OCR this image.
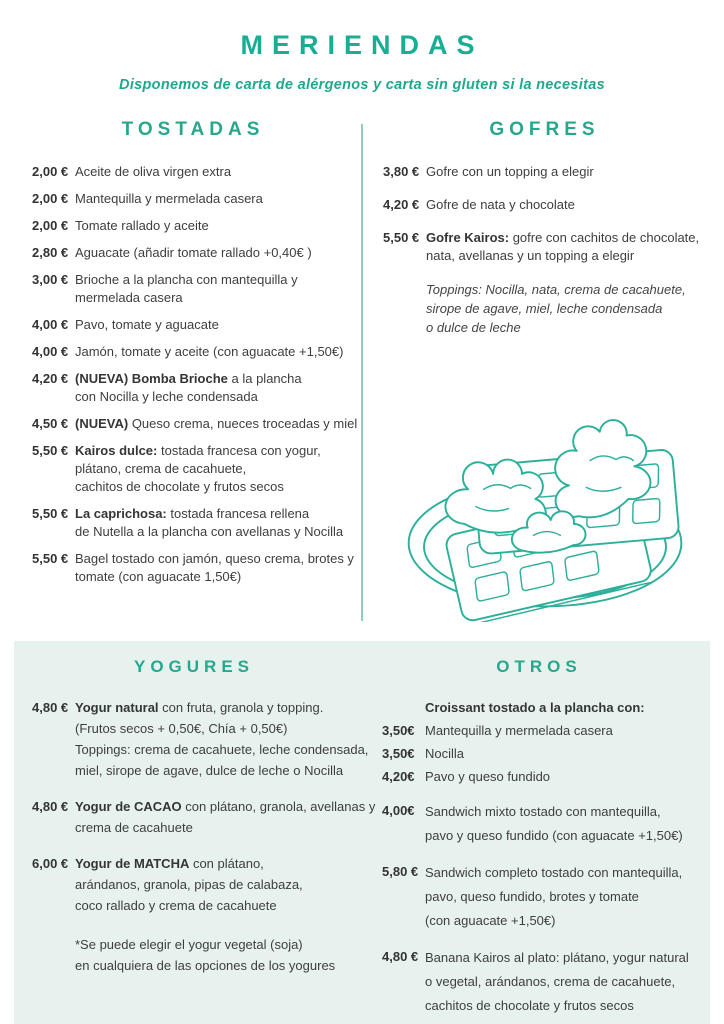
MERIENDAS

Disponemos de carta de alérgenos y carta sin gluten si la necesitas

TOSTADAS
2,00 € Aceite de oliva virgen extra
2,00 € Mantequilla y mermelada casera
2,00 € Tomate rallado y aceite
2,80 € Aguacate (añadir tomate rallado +0,40€ )
3,00 € Brioche a la plancha con mantequilla y
mermelada casera
4,00 € Pavo, tomate y aguacate
4,00 € Jamón, tomate y aceite (con aguacate +1,50€)
4,20 € (NUEVA) Bomba Brioche a la plancha
con Nocilla y leche condensada
4,50 € (NUEVA) Queso crema, nueces troceadas y miel
5,50 € Kairos dulce: tostada francesa con yogur,
plátano, crema de cacahuete,
cachitos de chocolate y frutos secos
5,50 € La caprichosa: tostada francesa rellena
de Nutella a la plancha con avellanas y Nocilla
5,50 € Bagel tostado con jamón, queso crema, brotes y
tomate (con aguacate 1,50€)
GOFRES
3,80 € Gofre con un topping a elegir
4,20 € Gofre de nata y chocolate
5,50 € Gofre Kairos: gofre con cachitos de chocolate,
nata, avellanas y un topping a elegir
Toppings: Nocilla, nata, crema de cacahuete,
sirope de agave, miel, leche condensada
o dulce de leche
YOGURES
4,80 € Yogur natural con fruta, granola y topping.
(Frutos secos + 0,50€, Chía + 0,50€)
Toppings: crema de cacahuete, leche condensada,
miel, sirope de agave, dulce de leche o Nocilla
4,80 € Yogur de CACAO con plátano, granola, avellanas y
crema de cacahuete
6,00 € Yogur de MATCHA con plátano,
arándanos, granola, pipas de calabaza,
coco rallado y crema de cacahuete
*Se puede elegir el yogur vegetal (soja)
en cualquiera de las opciones de los yogures
OTROS
Croissant tostado a la plancha con:
3,50€ Mantequilla y mermelada casera
3,50€ Nocilla
4,20€ Pavo y queso fundido
4,00€ Sandwich mixto tostado con mantequilla,
pavo y queso fundido (con aguacate +1,50€)
5,80 € Sandwich completo tostado con mantequilla,
pavo, queso fundido, brotes y tomate
(con aguacate +1,50€)
4,80 € Banana Kairos al plato: plátano, yogur natural
o vegetal, arándanos, crema de cacahuete,
cachitos de chocolate y frutos secos
